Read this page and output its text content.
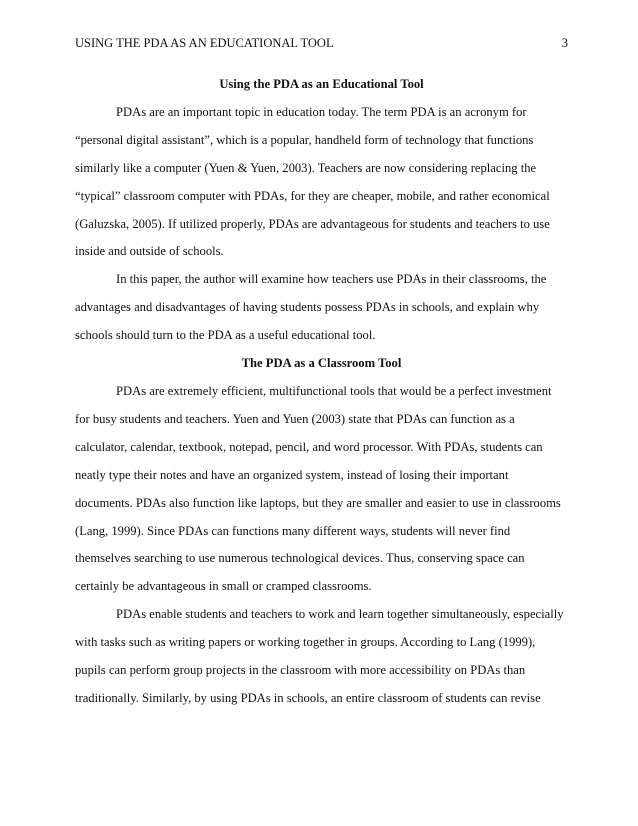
USING THE PDA AS AN EDUCATIONAL TOOL	3

Using the PDA as an Educational Tool

PDAs are an important topic in education today. The term PDA is an acronym for

“personal digital assistant”, which is a popular, handheld form of technology that functions

similarly like a computer (Yuen & Yuen, 2003). Teachers are now considering replacing the

“typical” classroom computer with PDAs, for they are cheaper, mobile, and rather economical

(Galuzska, 2005). If utilized properly, PDAs are advantageous for students and teachers to use

inside and outside of schools.

In this paper, the author will examine how teachers use PDAs in their classrooms, the

advantages and disadvantages of having students possess PDAs in schools, and explain why

schools should turn to the PDA as a useful educational tool.

The PDA as a Classroom Tool

PDAs are extremely efficient, multifunctional tools that would be a perfect investment

for busy students and teachers. Yuen and Yuen (2003) state that PDAs can function as a

calculator, calendar, textbook, notepad, pencil, and word processor. With PDAs, students can

neatly type their notes and have an organized system, instead of losing their important

documents. PDAs also function like laptops, but they are smaller and easier to use in classrooms

(Lang, 1999). Since PDAs can functions many different ways, students will never find

themselves searching to use numerous technological devices. Thus, conserving space can

certainly be advantageous in small or cramped classrooms.

PDAs enable students and teachers to work and learn together simultaneously, especially

with tasks such as writing papers or working together in groups. According to Lang (1999),

pupils can perform group projects in the classroom with more accessibility on PDAs than

traditionally. Similarly, by using PDAs in schools, an entire classroom of students can revise
